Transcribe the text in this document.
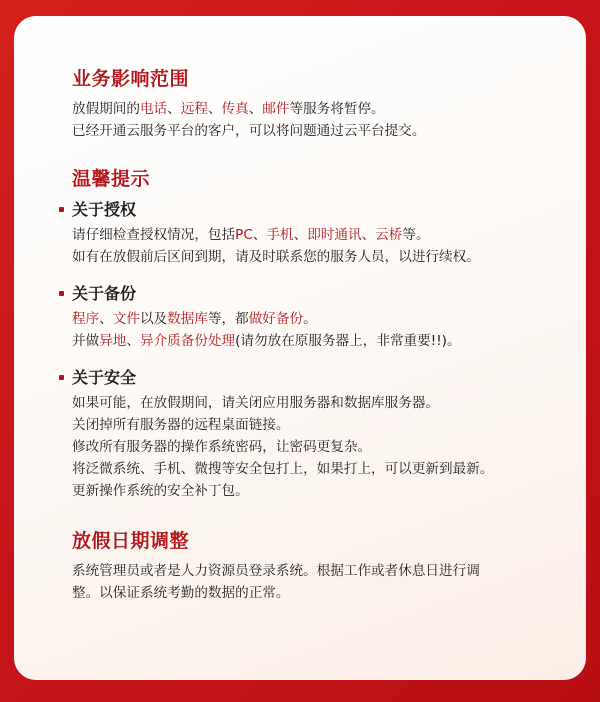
业务影响范围

放假期间的电话、远程、传真、邮件等服务将暂停。

已经开通云服务平台的客户，可以将问题通过云平台提交。

温馨提示

关于授权

请仔细检查授权情况，包括PC、手机、即时通讯、云桥等。

如有在放假前后区间到期，请及时联系您的服务人员，以进行续权。

关于备份

程序、文件以及数据库等，都做好备份。

并做异地、异介质备份处理(请勿放在原服务器上，非常重要!!)。

关于安全

如果可能，在放假期间，请关闭应用服务器和数据库服务器。

关闭掉所有服务器的远程桌面链接。

修改所有服务器的操作系统密码，让密码更复杂。

将泛微系统、手机、微搜等安全包打上，如果打上，可以更新到最新。

更新操作系统的安全补丁包。

放假日期调整

系统管理员或者是人力资源员登录系统。根据工作或者休息日进行调

整。以保证系统考勤的数据的正常。
